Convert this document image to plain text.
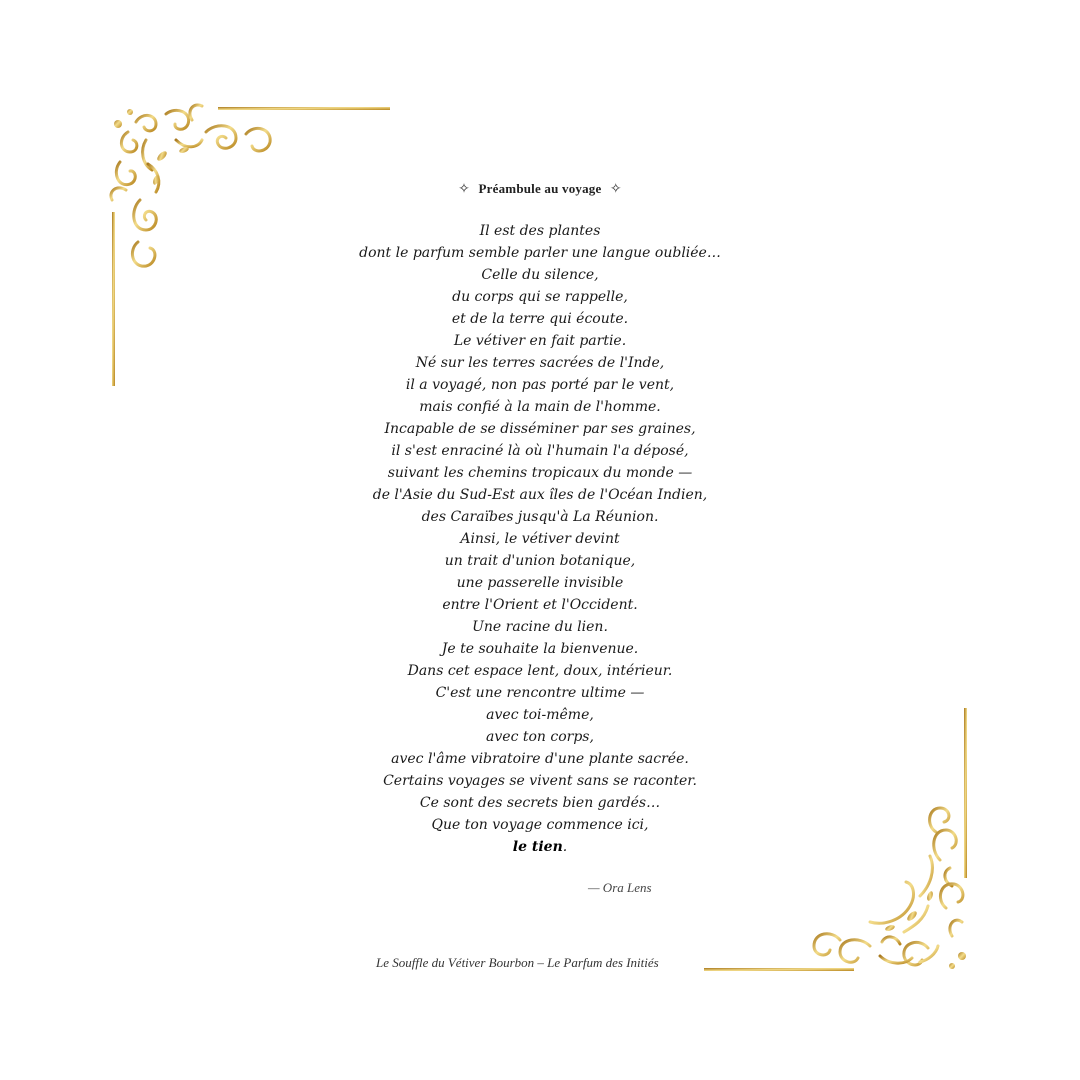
✧ Préambule au voyage ✧
Il est des plantes
dont le parfum semble parler une langue oubliée…
Celle du silence,
du corps qui se rappelle,
et de la terre qui écoute.
Le vétiver en fait partie.
Né sur les terres sacrées de l'Inde,
il a voyagé, non pas porté par le vent,
mais confié à la main de l'homme.
Incapable de se disséminer par ses graines,
il s'est enraciné là où l'humain l'a déposé,
suivant les chemins tropicaux du monde —
de l'Asie du Sud-Est aux îles de l'Océan Indien,
des Caraïbes jusqu'à La Réunion.
Ainsi, le vétiver devint
un trait d'union botanique,
une passerelle invisible
entre l'Orient et l'Occident.
Une racine du lien.
Je te souhaite la bienvenue.
Dans cet espace lent, doux, intérieur.
C'est une rencontre ultime —
avec toi-même,
avec ton corps,
avec l'âme vibratoire d'une plante sacrée.
Certains voyages se vivent sans se raconter.
Ce sont des secrets bien gardés…
Que ton voyage commence ici,
le tien.
— Ora Lens
Le Souffle du Vétiver Bourbon – Le Parfum des Initiés
